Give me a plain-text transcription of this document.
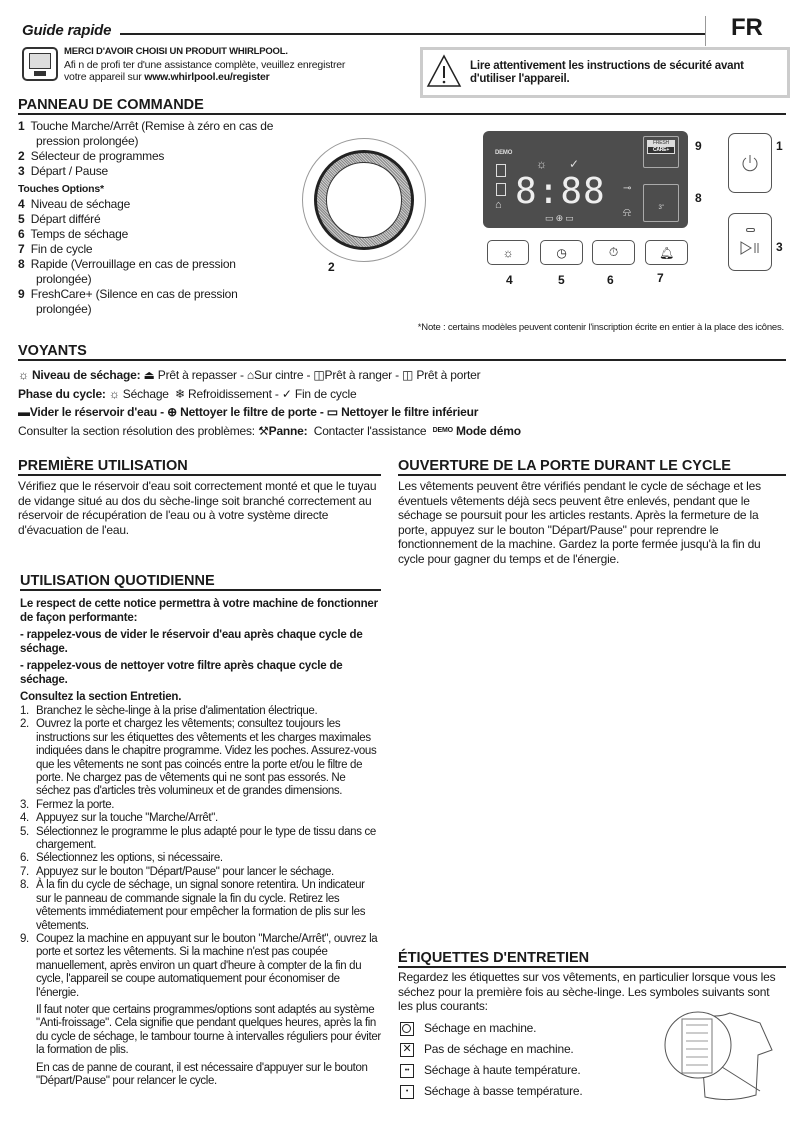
Guide rapide	FR
MERCI D'AVOIR CHOISI UN PRODUIT WHIRLPOOL.
Afi n de profi ter d'une assistance complète, veuillez enregistrer
votre appareil sur www.whirlpool.eu/register
Lire attentivement les instructions de sécurité avant d'utiliser l'appareil.
PANNEAU DE COMMANDE
1 Touche Marche/Arrêt (Remise à zéro en cas de
pression prolongée)
2 Sélecteur de programmes
3 Départ / Pause
Touches Options*
4 Niveau de séchage
5 Départ différé
6 Temps de séchage
7 Fin de cycle
8 Rapide (Verrouillage en cas de pression
prolongée)
9 FreshCare+ (Silence en cas de pression
prolongée)
DEMO
8:88
☼ ✓
⊸
⍾
⌂
▭ ⊕ ▭
FRESH
CARE+
3"
☼	◷	⏱	🔔︎
1
2
3
4	5	6	7
8
9
*Note : certains modèles peuvent contenir l'inscription écrite en entier à la place des icônes.
VOYANTS
☼ Niveau de séchage: ⏏ Prêt à repasser - ⌂Sur cintre - ◫Prêt à ranger - ◫ Prêt à porter
Phase du cycle: ☼ Séchage  ❄ Refroidissement - ✓ Fin de cycle
▬Vider le réservoir d'eau - ⊕ Nettoyer le filtre de porte - ▭ Nettoyer le filtre inférieur
Consulter la section résolution des problèmes: ⚒Panne: Contacter l'assistance $^{DEMO}$ Mode démo
PREMIÈRE UTILISATION
Vérifiez que le réservoir d'eau soit correctement monté et que le tuyau de vidange situé au dos du sèche-linge soit branché correctement au réservoir de récupération de l'eau ou à votre système directe d'évacuation de l'eau.
OUVERTURE DE LA PORTE DURANT LE CYCLE
Les vêtements peuvent être vérifiés pendant le cycle de séchage et les éventuels vêtements déjà secs peuvent être enlevés, pendant que le séchage se poursuit pour les articles restants. Après la fermeture de la porte, appuyez sur le bouton "Départ/Pause" pour reprendre le fonctionnement de la machine. Gardez la porte fermée jusqu'à la fin du cycle pour gagner du temps et de l'énergie.
UTILISATION QUOTIDIENNE
Le respect de cette notice permettra à votre machine de fonctionner de façon performante:
- rappelez-vous de vider le réservoir d'eau après chaque cycle de séchage.
- rappelez-vous de nettoyer votre filtre après chaque cycle de séchage.
Consultez la section Entretien.
1. Branchez le sèche-linge à la prise d'alimentation électrique.
2. Ouvrez la porte et chargez les vêtements; consultez toujours les instructions sur les étiquettes des vêtements et les charges maximales indiquées dans le chapitre programme. Videz les poches. Assurez-vous que les vêtements ne sont pas coincés entre la porte et/ou le filtre de porte. Ne chargez pas de vêtements qui ne sont pas essorés. Ne séchez pas d'articles très volumineux et de grandes dimensions.
3. Fermez la porte.
4. Appuyez sur la touche "Marche/Arrêt".
5. Sélectionnez le programme le plus adapté pour le type de tissu dans ce chargement.
6. Sélectionnez les options, si nécessaire.
7. Appuyez sur le bouton "Départ/Pause" pour lancer le séchage.
8. À la fin du cycle de séchage, un signal sonore retentira. Un indicateur sur le panneau de commande signale la fin du cycle. Retirez les vêtements immédiatement pour empêcher la formation de plis sur les vêtements.
9. Coupez la machine en appuyant sur le bouton "Marche/Arrêt", ouvrez la porte et sortez les vêtements. Si la machine n'est pas coupée manuellement, après environ un quart d'heure à compter de la fin du cycle, l'appareil se coupe automatiquement pour économiser de l'énergie.
Il faut noter que certains programmes/options sont adaptés au système "Anti-froissage". Cela signifie que pendant quelques heures, après la fin du cycle de séchage, le tambour tourne à intervalles réguliers pour éviter la formation de plis.
En cas de panne de courant, il est nécessaire d'appuyer sur le bouton "Départ/Pause" pour relancer le cycle.
ÉTIQUETTES D'ENTRETIEN
Regardez les étiquettes sur vos vêtements, en particulier lorsque vous les séchez pour la première fois au sèche-linge. Les symboles suivants sont les plus courants:
Séchage en machine.
✕ Pas de séchage en machine.
•• Séchage à haute température.
• Séchage à basse température.
